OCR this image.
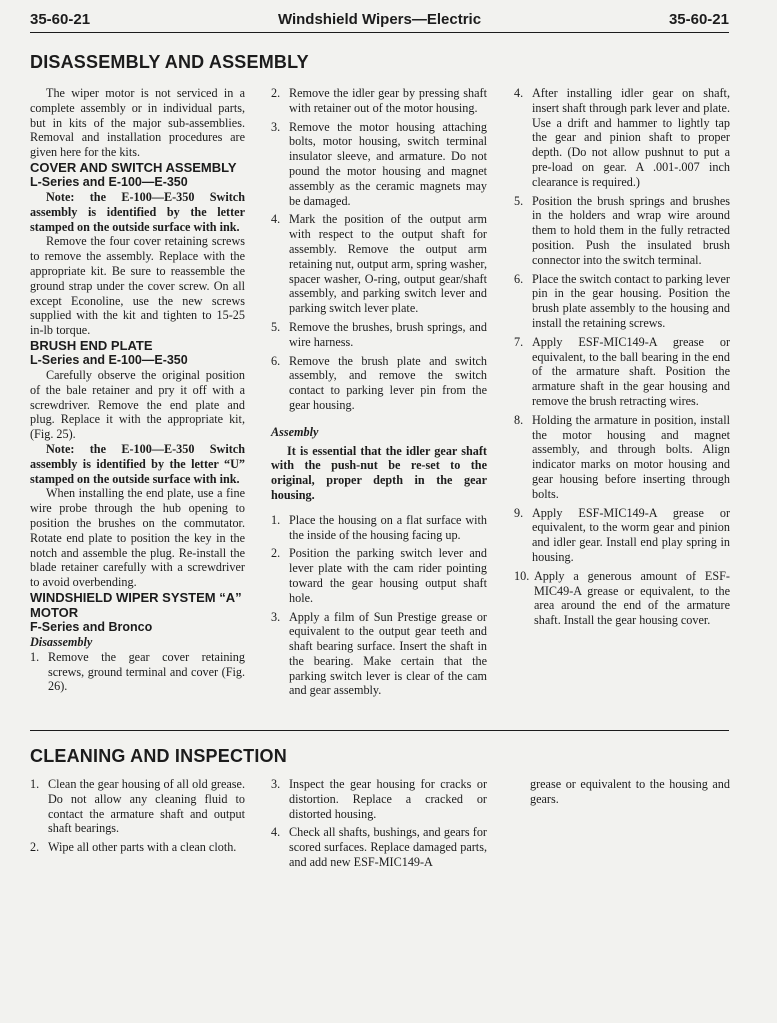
35-60-21	Windshield Wipers—Electric	35-60-21
DISASSEMBLY AND ASSEMBLY

The wiper motor is not serviced in a complete assembly or in individual parts, but in kits of the major sub-assemblies. Removal and installation procedures are given here for the kits.

COVER AND SWITCH ASSEMBLY

L-Series and E-100—E-350

Note: the E-100—E-350 Switch assembly is identified by the letter stamped on the outside surface with ink.

Remove the four cover retaining screws to remove the assembly. Replace with the appropriate kit. Be sure to reassemble the ground strap under the cover screw. On all except Econoline, use the new screws supplied with the kit and tighten to 15-25 in-lb torque.

BRUSH END PLATE

L-Series and E-100—E-350

Carefully observe the original position of the bale retainer and pry it off with a screwdriver. Remove the end plate and plug. Replace it with the appropriate kit, (Fig. 25).

Note: the E-100—E-350 Switch assembly is identified by the letter “U” stamped on the outside surface with ink.

When installing the end plate, use a fine wire probe through the hub opening to position the brushes on the commutator. Rotate end plate to position the key in the notch and assemble the plug. Re-install the blade retainer carefully with a screwdriver to avoid overbending.

WINDSHIELD WIPER SYSTEM “A” MOTOR

F-Series and Bronco

Disassembly

1. Remove the gear cover retaining screws, ground terminal and cover (Fig. 26).
2. Remove the idler gear by pressing shaft with retainer out of the motor housing.
3. Remove the motor housing attaching bolts, motor housing, switch terminal insulator sleeve, and armature. Do not pound the motor housing and magnet assembly as the ceramic magnets may be damaged.
4. Mark the position of the output arm with respect to the output shaft for assembly. Remove the output arm retaining nut, output arm, spring washer, spacer washer, O-ring, output gear/shaft assembly, and parking switch lever and parking switch lever plate.
5. Remove the brushes, brush springs, and wire harness.
6. Remove the brush plate and switch assembly, and remove the switch contact to parking lever pin from the gear housing.

Assembly

It is essential that the idler gear shaft with the push-nut be re-set to the original, proper depth in the gear housing.

1. Place the housing on a flat surface with the inside of the housing facing up.
2. Position the parking switch lever and lever plate with the cam rider pointing toward the gear housing output shaft hole.
3. Apply a film of Sun Prestige grease or equivalent to the output gear teeth and shaft bearing surface. Insert the shaft in the bearing. Make certain that the parking switch lever is clear of the cam and gear assembly.
4. After installing idler gear on shaft, insert shaft through park lever and plate. Use a drift and hammer to lightly tap the gear and pinion shaft to proper depth. (Do not allow pushnut to put a pre-load on gear. A .001-.007 inch clearance is required.)
5. Position the brush springs and brushes in the holders and wrap wire around them to hold them in the fully retracted position. Push the insulated brush connector into the switch terminal.
6. Place the switch contact to parking lever pin in the gear housing. Position the brush plate assembly to the housing and install the retaining screws.
7. Apply ESF-MIC149-A grease or equivalent, to the ball bearing in the end of the armature shaft. Position the armature shaft in the gear housing and remove the brush retracting wires.
8. Holding the armature in position, install the motor housing and magnet assembly, and through bolts. Align indicator marks on motor housing and gear housing before inserting through bolts.
9. Apply ESF-MIC149-A grease or equivalent, to the worm gear and pinion and idler gear. Install end play spring in housing.
10. Apply a generous amount of ESF-MIC49-A grease or equivalent, to the area around the end of the armature shaft. Install the gear housing cover.
CLEANING AND INSPECTION
1. Clean the gear housing of all old grease. Do not allow any cleaning fluid to contact the armature shaft and output shaft bearings.
2. Wipe all other parts with a clean cloth.
3. Inspect the gear housing for cracks or distortion. Replace a cracked or distorted housing.
4. Check all shafts, bushings, and gears for scored surfaces. Replace damaged parts, and add new ESF-MIC149-A

grease or equivalent to the housing and gears.
